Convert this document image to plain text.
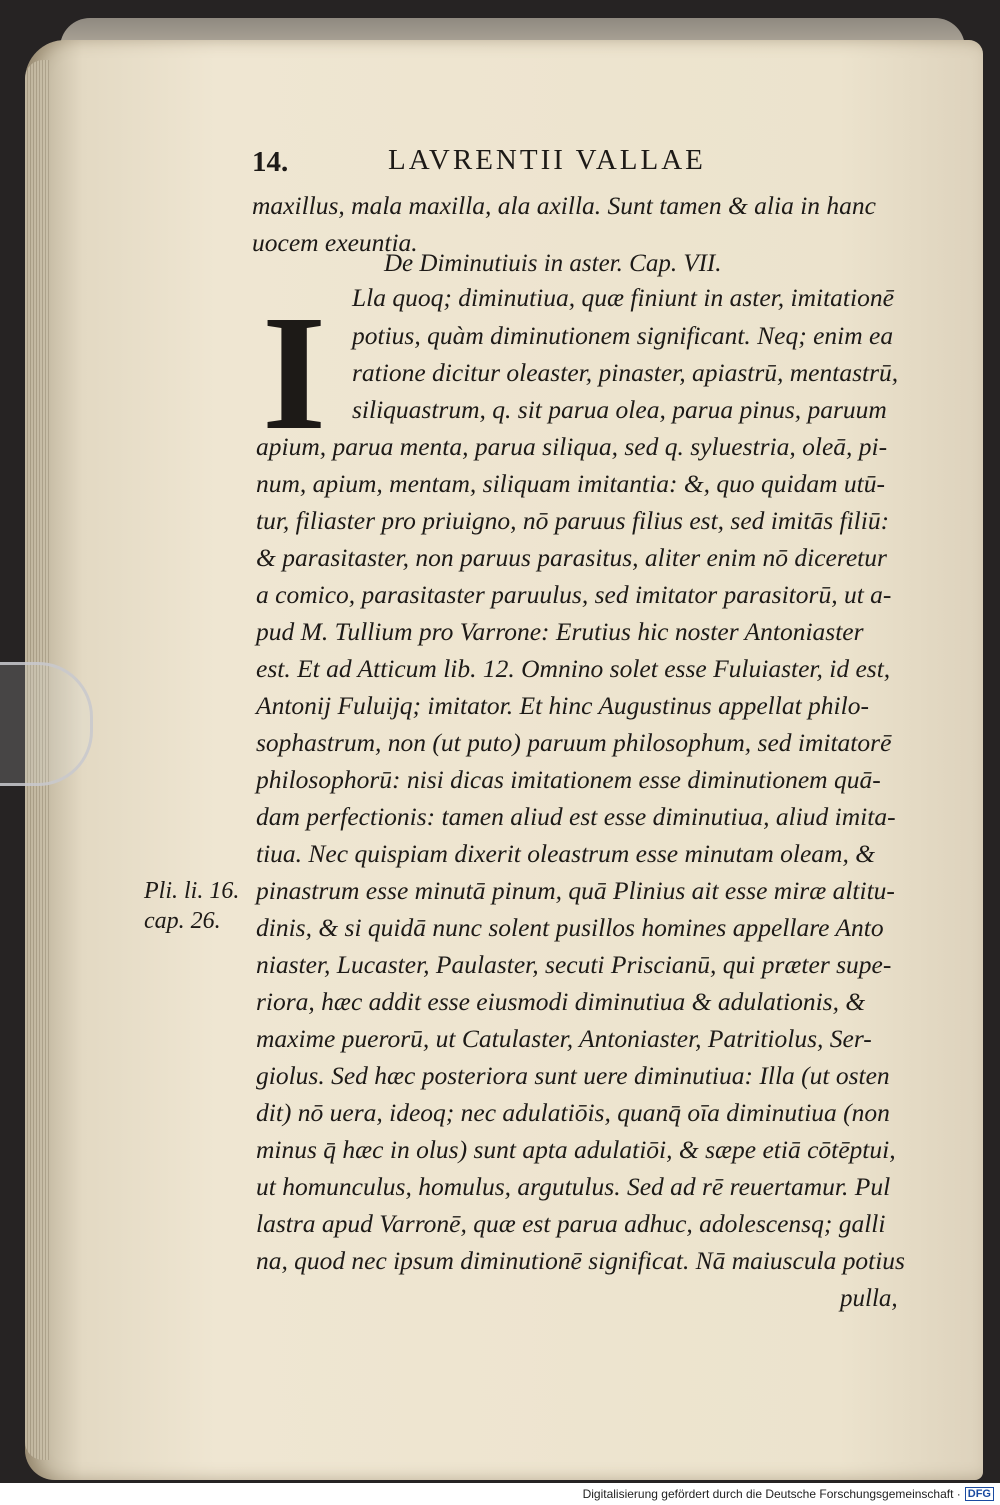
14.	LAVRENTII VALLAE
maxillus, mala maxilla, ala axilla. Sunt tamen & alia in hanc
uocem exeuntia.
De Diminutiuis in aster. Cap. VII.
I Lla quoq; diminutiua, quæ finiunt in aster, imitationē
potius, quàm diminutionem significant. Neq; enim ea
ratione dicitur oleaster, pinaster, apiastrū, mentastrū,
siliquastrum, q. sit parua olea, parua pinus, paruum
apium, parua menta, parua siliqua, sed q. syluestria, oleā, pi-
num, apium, mentam, siliquam imitantia: &, quo quidam utū-
tur, filiaster pro priuigno, nō paruus filius est, sed imitās filiū:
& parasitaster, non paruus parasitus, aliter enim nō diceretur
a comico, parasitaster paruulus, sed imitator parasitorū, ut a-
pud M. Tullium pro Varrone: Erutius hic noster Antoniaster
est. Et ad Atticum lib. 12. Omnino solet esse Fuluiaster, id est,
Antonij Fuluijq; imitator. Et hinc Augustinus appellat philo-
sophastrum, non (ut puto) paruum philosophum, sed imitatorē
philosophorū: nisi dicas imitationem esse diminutionem quā-
dam perfectionis: tamen aliud est esse diminutiua, aliud imita-
tiua. Nec quispiam dixerit oleastrum esse minutam oleam, &
pinastrum esse minutā pinum, quā Plinius ait esse miræ altitu-
dinis, & si quidā nunc solent pusillos homines appellare Anto
niaster, Lucaster, Paulaster, secuti Priscianū, qui præter supe-
riora, hæc addit esse eiusmodi diminutiua & adulationis, &
maxime puerorū, ut Catulaster, Antoniaster, Patritiolus, Ser-
giolus. Sed hæc posteriora sunt uere diminutiua: Illa (ut osten
dit) nō uera, ideoq; nec adulatiōis, quanq̄ oīa diminutiua (non
minus q̄ hæc in olus) sunt apta adulatiōi, & sæpe etiā cōtēptui,
ut homunculus, homulus, argutulus. Sed ad rē reuertamur. Pul
lastra apud Varronē, quæ est parua adhuc, adolescensq; galli
na, quod nec ipsum diminutionē significat. Nā maiuscula potius
pulla,
Pli. li. 16.
cap. 26.
Digitalisierung gefördert durch die Deutsche Forschungsgemeinschaft · DFG
